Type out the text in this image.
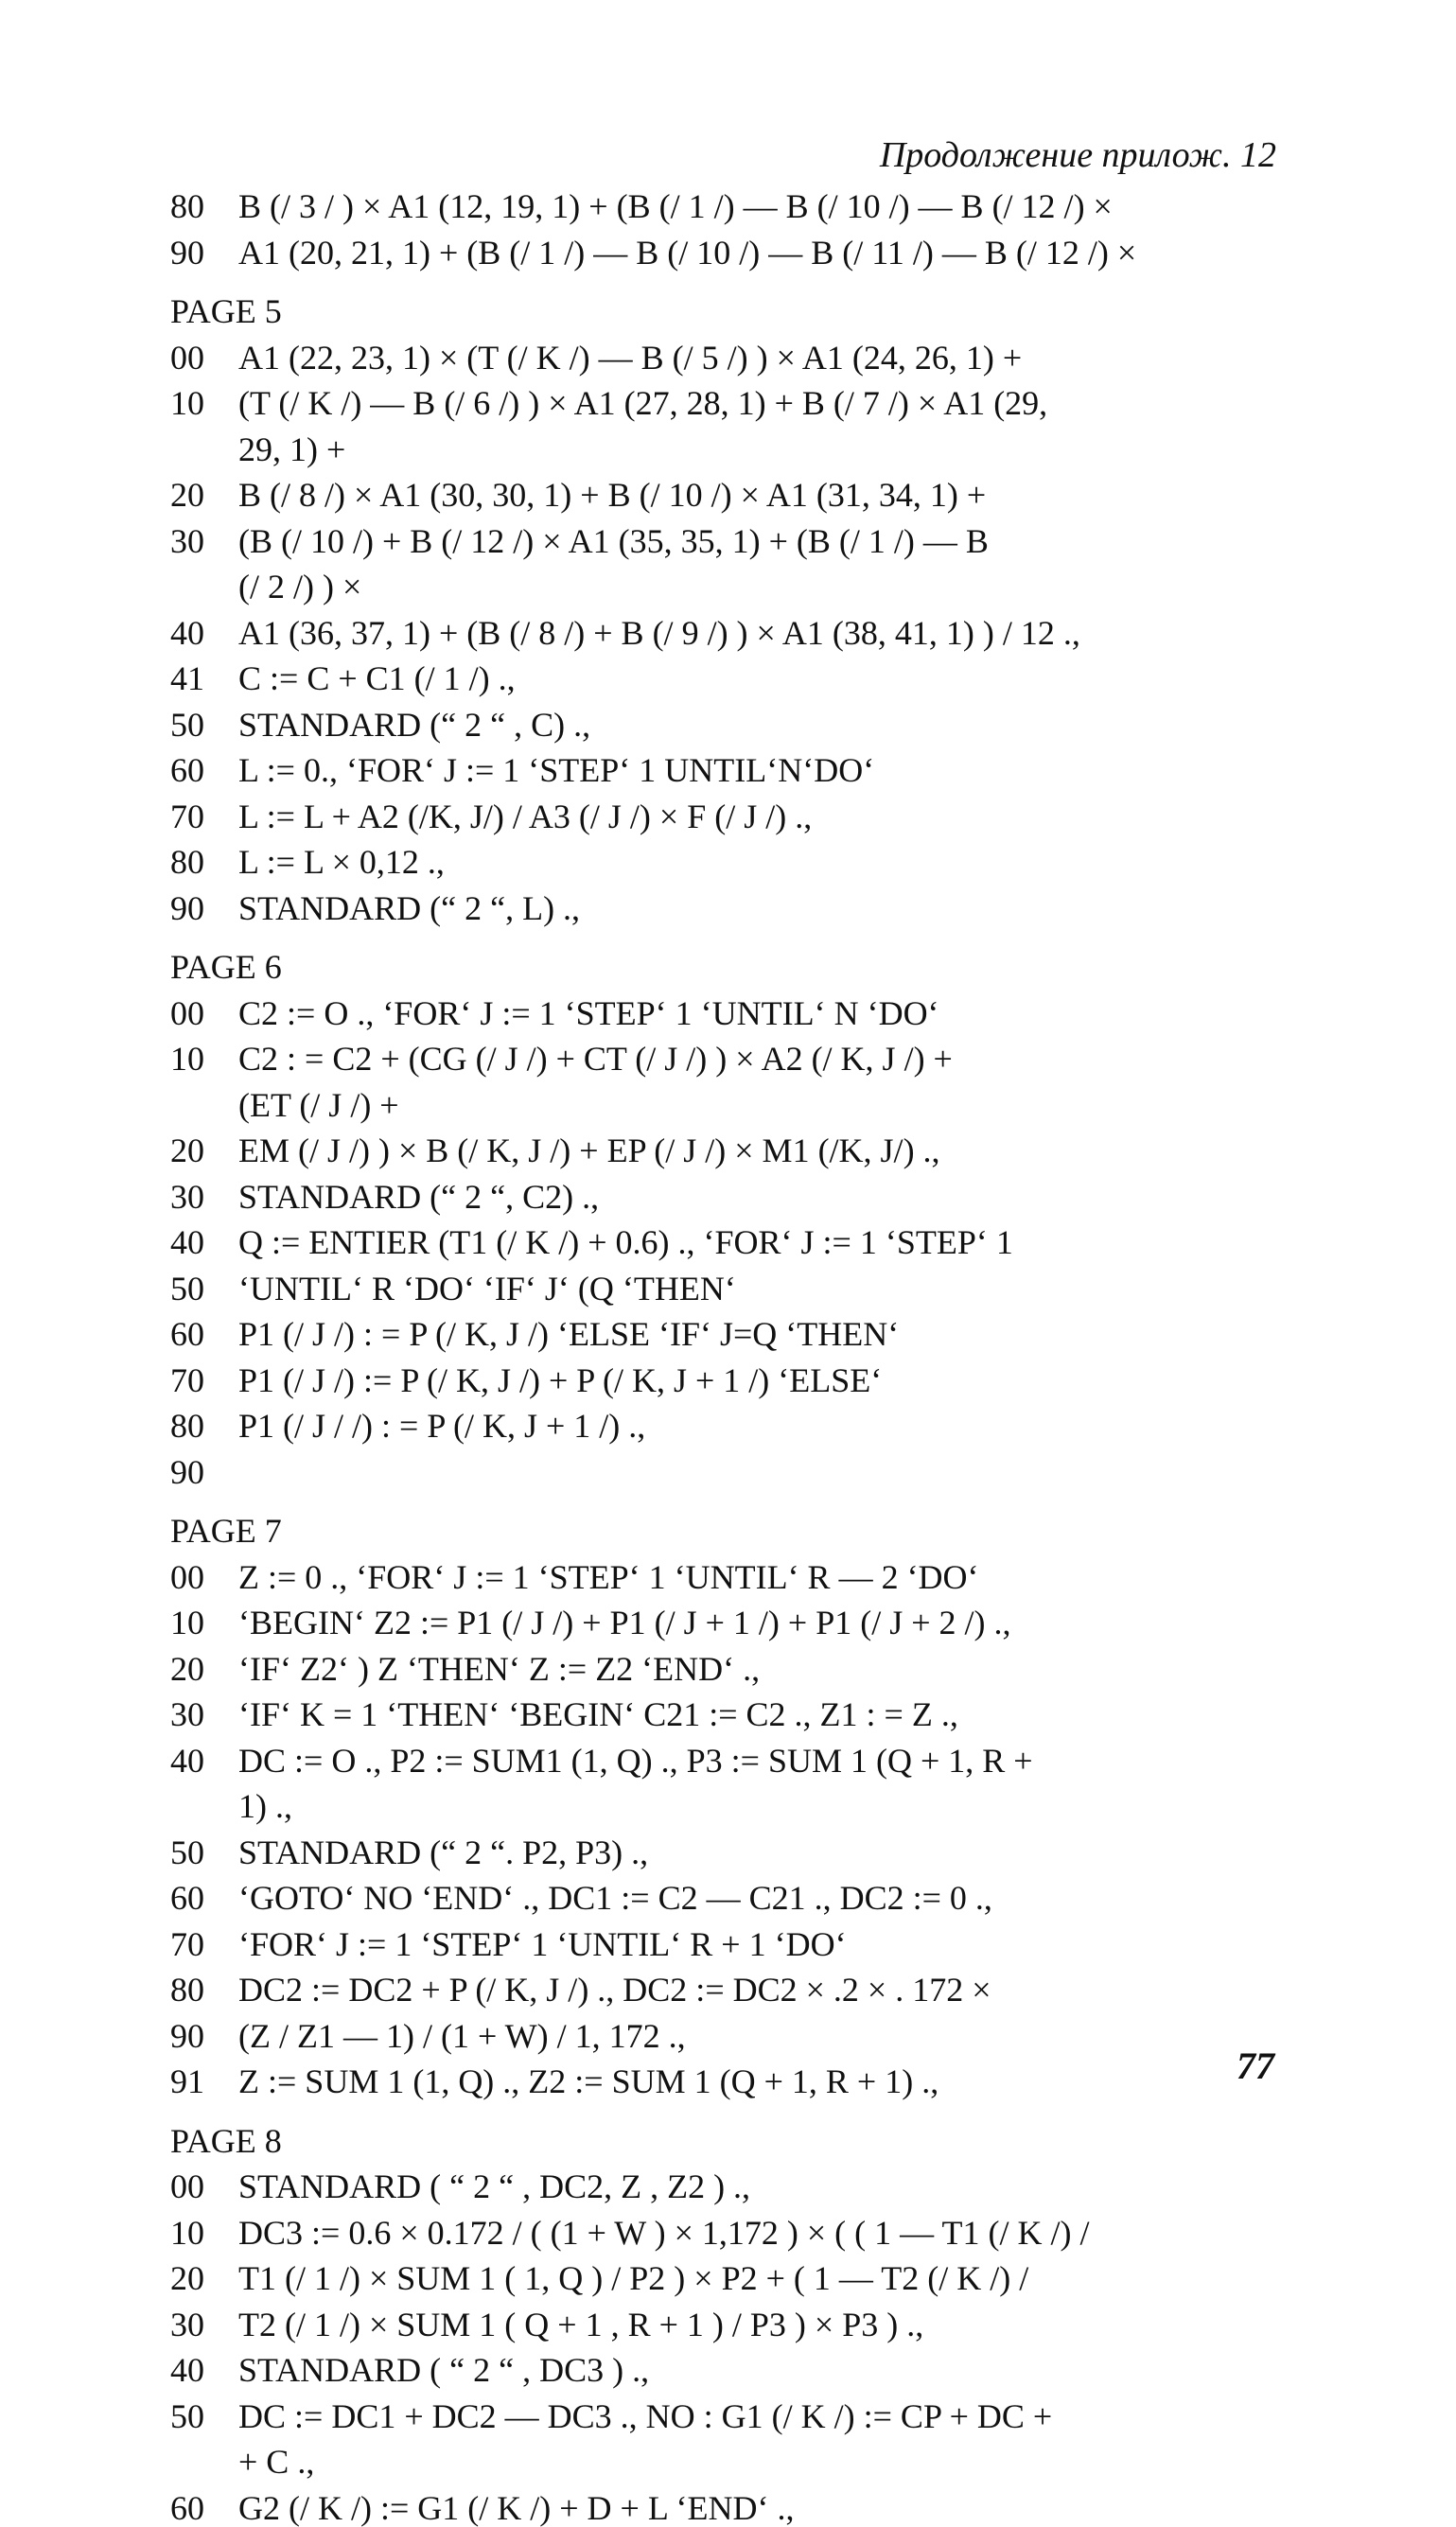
Продолжение прилож. 12
80	B (/ 3 / ) × A1 (12, 19, 1) + (B (/ 1 /) — B (/ 10 /) — B (/ 12 /) ×
90	A1 (20, 21, 1) + (B (/ 1 /) — B (/ 10 /) — B (/ 11 /) — B (/ 12 /) ×
PAGE 5
00	A1 (22, 23, 1) × (T (/ K /) — B (/ 5 /) ) × A1 (24, 26, 1) +
10	(T (/ K /) — B (/ 6 /) ) × A1 (27, 28, 1) + B (/ 7 /) × A1 (29,
29, 1) +
20	B (/ 8 /) × A1 (30, 30, 1) + B (/ 10 /) × A1 (31, 34, 1) +
30	(B (/ 10 /) + B (/ 12 /) × A1 (35, 35, 1) + (B (/ 1 /) — B
(/ 2 /) ) ×
40	A1 (36, 37, 1) + (B (/ 8 /) + B (/ 9 /) ) × A1 (38, 41, 1) ) / 12 .,
41	C := C + C1 (/ 1 /) .,
50	STANDARD (“ 2 “ , C) .,
60	L := 0., ‘FOR‘ J := 1 ‘STEP‘ 1 UNTIL‘N‘DO‘
70	L := L + A2 (/K, J/) / A3 (/ J /) × F (/ J /) .,
80	L := L × 0,12 .,
90	STANDARD (“ 2 “, L) .,
PAGE 6
00	C2 := O ., ‘FOR‘ J := 1 ‘STEP‘ 1 ‘UNTIL‘ N ‘DO‘
10	C2 : = C2 + (CG (/ J /) + CT (/ J /) ) × A2 (/ K, J /) +
(ET (/ J /) +
20	EM (/ J /) ) × B (/ K, J /) + EP (/ J /) × M1 (/K, J/) .,
30	STANDARD (“ 2 “, C2) .,
40	Q := ENTIER (T1 (/ K /) + 0.6) ., ‘FOR‘ J := 1 ‘STEP‘ 1
50	‘UNTIL‘ R ‘DO‘ ‘IF‘ J‘ (Q ‘THEN‘
60	P1 (/ J /) : = P (/ K, J /) ‘ELSE ‘IF‘ J=Q ‘THEN‘
70	P1 (/ J /) := P (/ K, J /) + P (/ K, J + 1 /) ‘ELSE‘
80	P1 (/ J / /) : = P (/ K, J + 1 /) .,
90
PAGE 7
00	Z := 0 ., ‘FOR‘ J := 1 ‘STEP‘ 1 ‘UNTIL‘ R — 2 ‘DO‘
10	‘BEGIN‘ Z2 := P1 (/ J /) + P1 (/ J + 1 /) + P1 (/ J + 2 /) .,
20	‘IF‘ Z2‘ ) Z ‘THEN‘ Z := Z2 ‘END‘ .,
30	‘IF‘ K = 1 ‘THEN‘ ‘BEGIN‘ C21 := C2 ., Z1 : = Z .,
40	DC := O ., P2 := SUM1 (1, Q) ., P3 := SUM 1 (Q + 1, R +
1) .,
50	STANDARD (“ 2 “. P2, P3) .,
60	‘GOTO‘ NO ‘END‘ ., DC1 := C2 — C21 ., DC2 := 0 .,
70	‘FOR‘ J := 1 ‘STEP‘ 1 ‘UNTIL‘ R + 1 ‘DO‘
80	DC2 := DC2 + P (/ K, J /) ., DC2 := DC2 × .2 × . 172 ×
90	(Z / Z1 — 1) / (1 + W) / 1, 172 .,
91	Z := SUM 1 (1, Q) ., Z2 := SUM 1 (Q + 1, R + 1) .,
PAGE 8
00	STANDARD ( “ 2 “ , DC2, Z , Z2 ) .,
10	DC3 := 0.6 × 0.172 / ( (1 + W ) × 1,172 ) × ( ( 1 — T1 (/ K /) /
20	T1 (/ 1 /) × SUM 1 ( 1, Q ) / P2 ) × P2 + ( 1 — T2 (/ K /) /
30	T2 (/ 1 /) × SUM 1 ( Q + 1 , R + 1 ) / P3 ) × P3 ) .,
40	STANDARD ( “ 2 “ , DC3 ) .,
50	DC := DC1 + DC2 — DC3 ., NO : G1 (/ K /) := CP + DC +
+ C .,
60	G2 (/ K /) := G1 (/ K /) + D + L ‘END‘ .,
77
